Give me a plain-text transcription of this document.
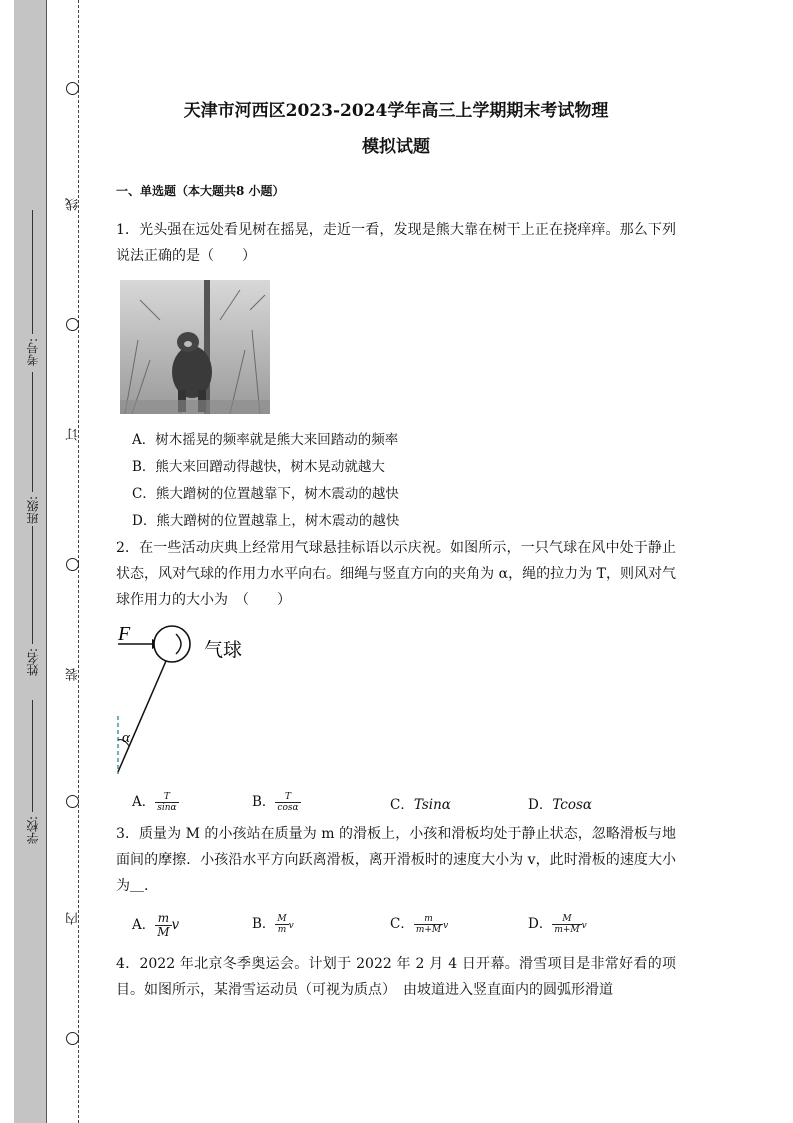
线
订
装
内
学校:
姓名:
班级:
考号:
天津市河西区2023-2024学年高三上学期期末考试物理
模拟试题
一、单选题（本大题共8 小题）
1．光头强在远处看见树在摇晃，走近一看，发现是熊大靠在树干上正在挠痒痒。那么下列说法正确的是（　　）
A．树木摇晃的频率就是熊大来回踏动的频率
B．熊大来回蹭动得越快，树木晃动就越大
C．熊大蹭树的位置越靠下，树木震动的越快
D．熊大蹭树的位置越靠上，树木震动的越快
2．在一些活动庆典上经常用气球悬挂标语以示庆祝。如图所示，一只气球在风中处于静止状态，风对气球的作用力水平向右。细绳与竖直方向的夹角为 α，绳的拉力为 T，则风对气球作用力的大小为　（　　）
F
气球
α
A． $\frac{T}{\sin\alpha}$	B． $\frac{T}{\cos\alpha}$	C．Tsinα	D．Tcosα
3．质量为 M 的小孩站在质量为 m 的滑板上，小孩和滑板均处于静止状态，忽略滑板与地面间的摩擦．小孩沿水平方向跃离滑板，离开滑板时的速度大小为 v，此时滑板的速度大小为＿.
A． $\frac{m}{M}$ v	B． $\frac{M}{m}$ v	C． $\frac{m}{m+M}$ v	D． $\frac{M}{m+M}$ v
4．2022 年北京冬季奥运会。计划于 2022 年 2 月 4 日开幕。滑雪项目是非常好看的项目。如图所示，某滑雪运动员（可视为质点）　由坡道进入竖直面内的圆弧形滑道
